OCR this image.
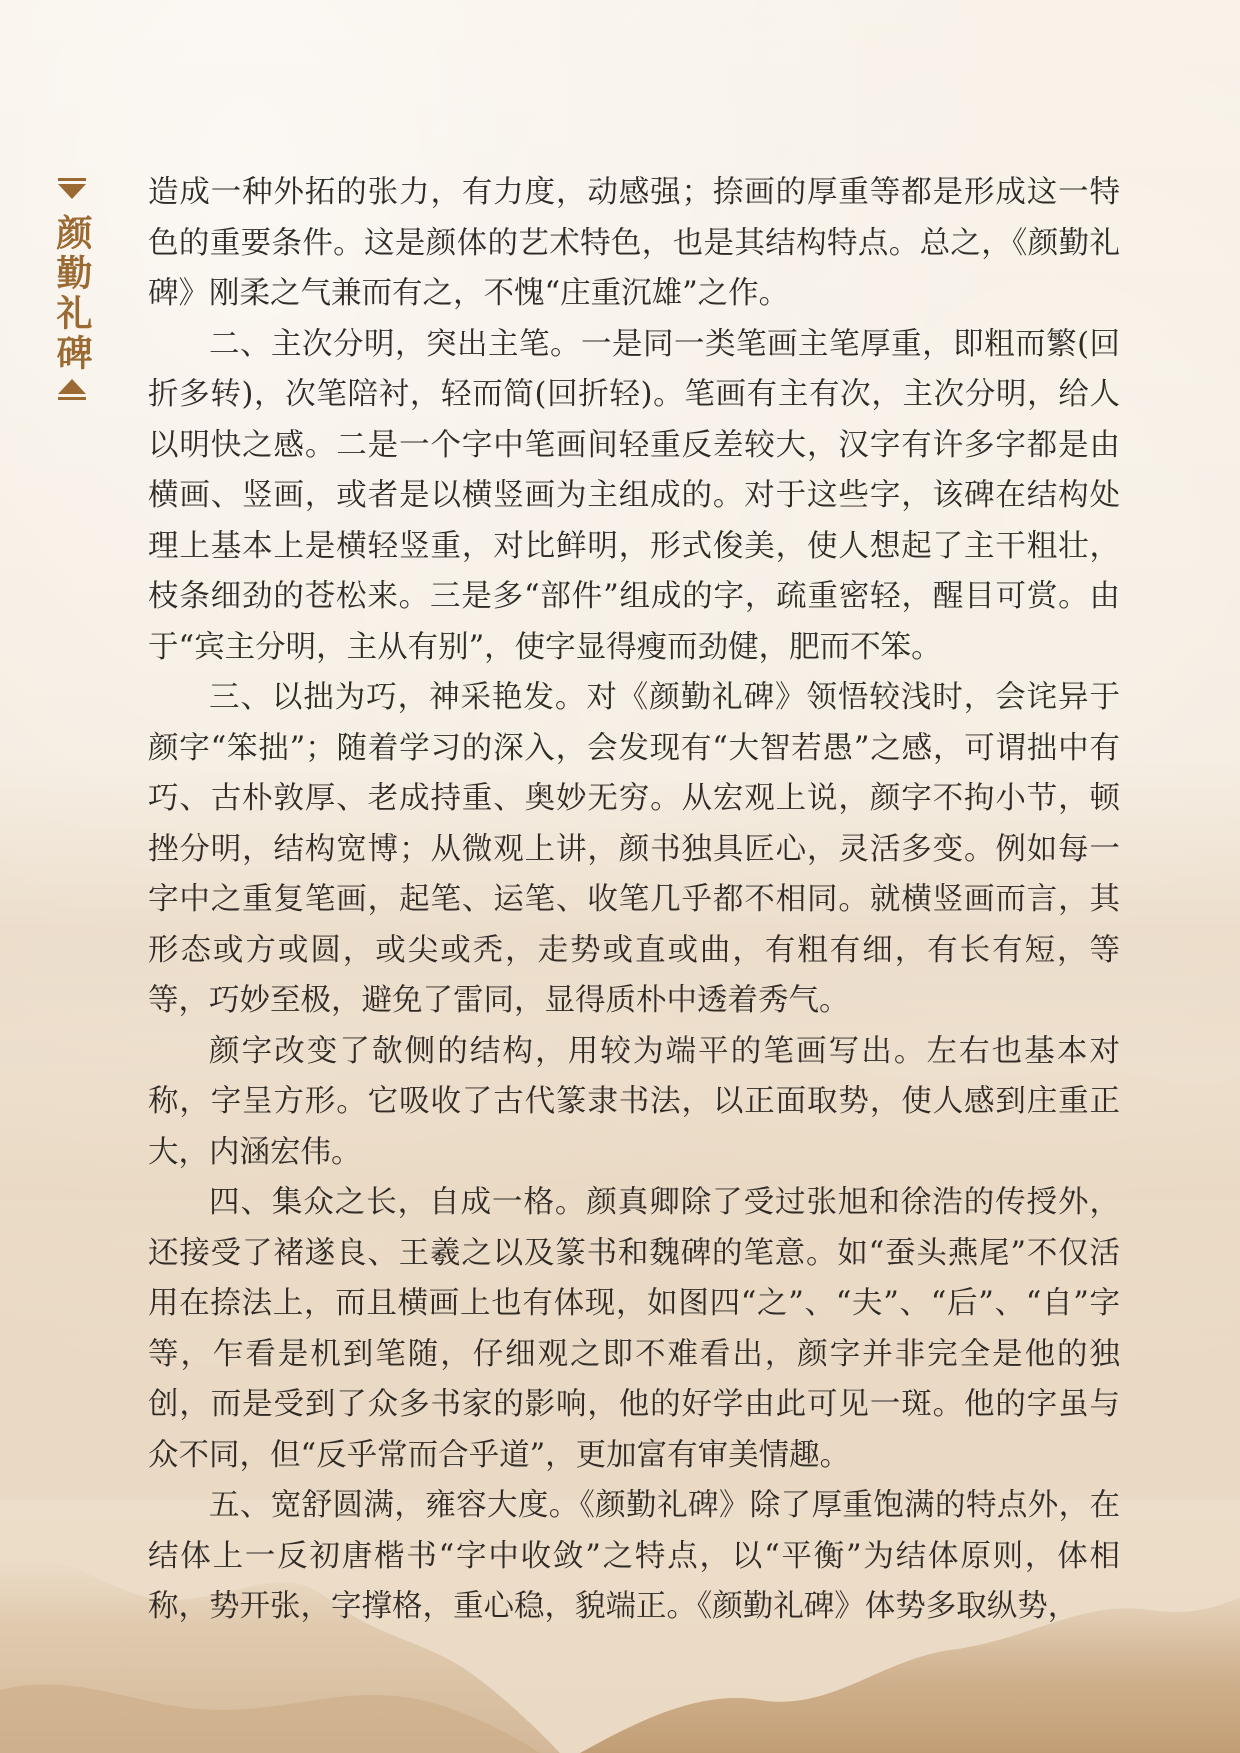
颜勤礼碑

造成一种外拓的张力，有力度，动感强；捺画的厚重等都是形成这一特色的重要条件。这是颜体的艺术特色，也是其结构特点。总之，《颜勤礼碑》刚柔之气兼而有之，不愧“庄重沉雄”之作。

二、主次分明，突出主笔。一是同一类笔画主笔厚重，即粗而繁(回折多转)，次笔陪衬，轻而简(回折轻)。笔画有主有次，主次分明，给人以明快之感。二是一个字中笔画间轻重反差较大，汉字有许多字都是由横画、竖画，或者是以横竖画为主组成的。对于这些字，该碑在结构处理上基本上是横轻竖重，对比鲜明，形式俊美，使人想起了主干粗壮，枝条细劲的苍松来。三是多“部件”组成的字，疏重密轻，醒目可赏。由于“宾主分明，主从有别”，使字显得瘦而劲健，肥而不笨。

三、以拙为巧，神采艳发。对《颜勤礼碑》领悟较浅时，会诧异于颜字“笨拙”；随着学习的深入，会发现有“大智若愚”之感，可谓拙中有巧、古朴敦厚、老成持重、奥妙无穷。从宏观上说，颜字不拘小节，顿挫分明，结构宽博；从微观上讲，颜书独具匠心，灵活多变。例如每一字中之重复笔画，起笔、运笔、收笔几乎都不相同。就横竖画而言，其形态或方或圆，或尖或秃，走势或直或曲，有粗有细，有长有短，等等，巧妙至极，避免了雷同，显得质朴中透着秀气。

颜字改变了欹侧的结构，用较为端平的笔画写出。左右也基本对称，字呈方形。它吸收了古代篆隶书法，以正面取势，使人感到庄重正大，内涵宏伟。

四、集众之长，自成一格。颜真卿除了受过张旭和徐浩的传授外，还接受了褚遂良、王羲之以及篆书和魏碑的笔意。如“蚕头燕尾”不仅活用在捺法上，而且横画上也有体现，如图四“之”、“夫”、“后”、“自”字等，乍看是机到笔随，仔细观之即不难看出，颜字并非完全是他的独创，而是受到了众多书家的影响，他的好学由此可见一斑。他的字虽与众不同，但“反乎常而合乎道”，更加富有审美情趣。

五、宽舒圆满，雍容大度。《颜勤礼碑》除了厚重饱满的特点外，在结体上一反初唐楷书“字中收敛”之特点，以“平衡”为结体原则，体相称，势开张，字撑格，重心稳，貌端正。《颜勤礼碑》体势多取纵势，
